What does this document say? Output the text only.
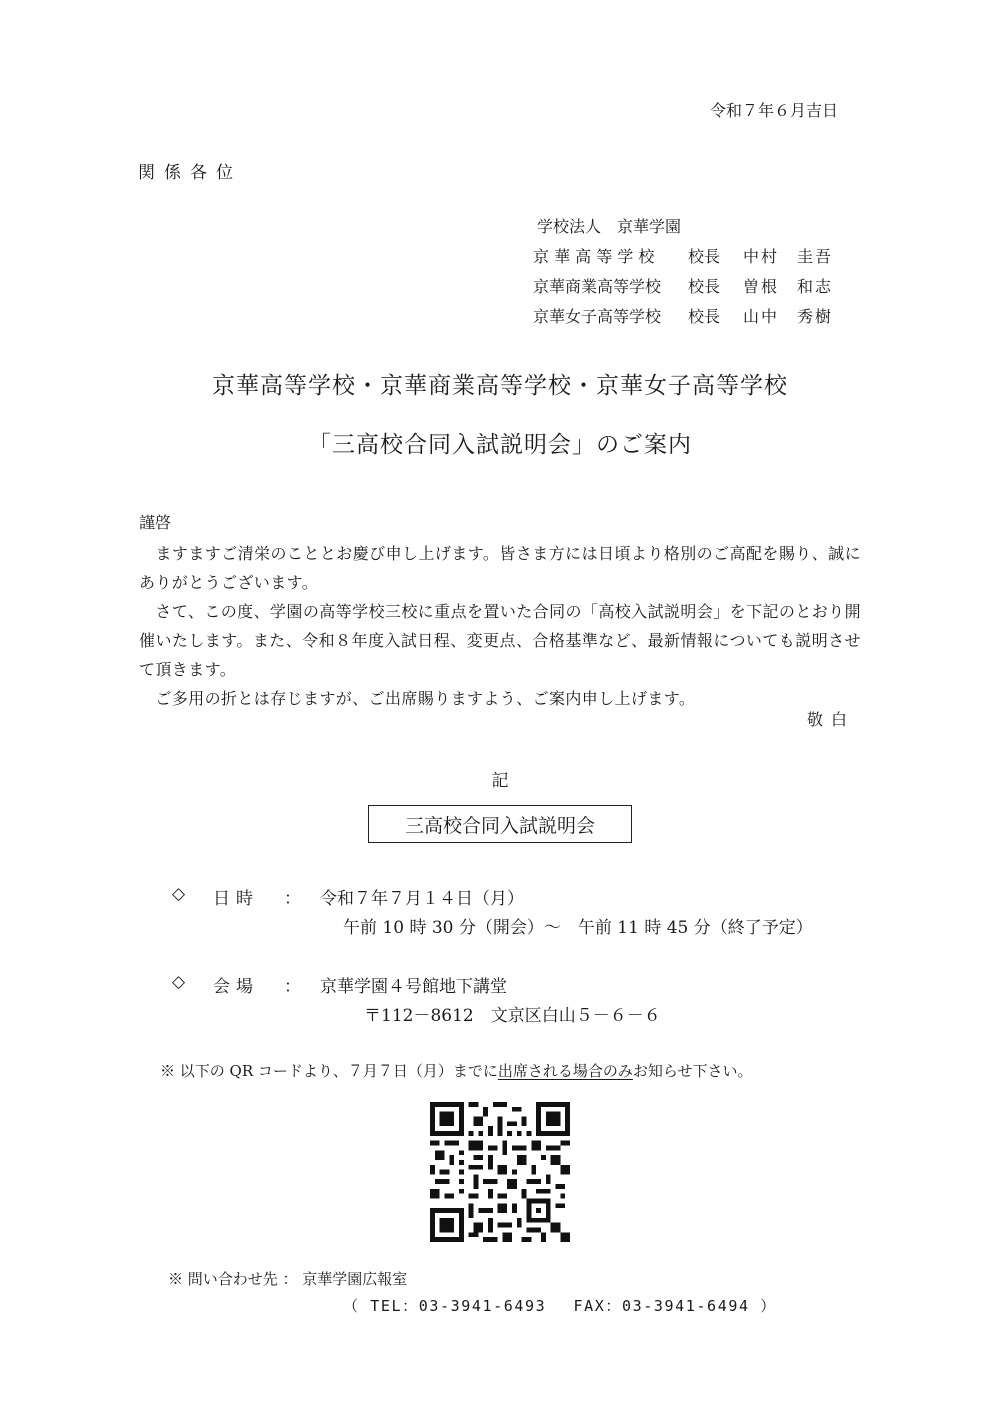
令和７年６月吉日
関係各位
学校法人　京華学園
京 華 高 等 学 校	校長	中村　圭吾
京華商業高等学校	校長	曽根　和志
京華女子高等学校	校長	山中　秀樹
京華高等学校・京華商業高等学校・京華女子高等学校
「三高校合同入試説明会」のご案内
謹啓
　ますますご清栄のこととお慶び申し上げます。皆さま方には日頃より格別のご高配を賜り、誠にありがとうございます。
　さて、この度、学園の高等学校三校に重点を置いた合同の「高校入試説明会」を下記のとおり開催いたします。また、令和８年度入試日程、変更点、合格基準など、最新情報についても説明させて頂きます。
　ご多用の折とは存じますが、ご出席賜りますよう、ご案内申し上げます。
敬白
記
三高校合同入試説明会
◇ 日時 ： 令和７年７月１４日（月）
午前 10 時 30 分（開会）～　午前 11 時 45 分（終了予定）
◇ 会場 ： 京華学園４号館地下講堂
〒112－8612　文京区白山５－６－６
※ 以下の QR コードより、７月７日（月）までに出席される場合のみお知らせ下さい。
※ 問い合わせ先 ： 京華学園広報室
（ TEL：03-3941-6493　 FAX：03-3941-6494 ）
